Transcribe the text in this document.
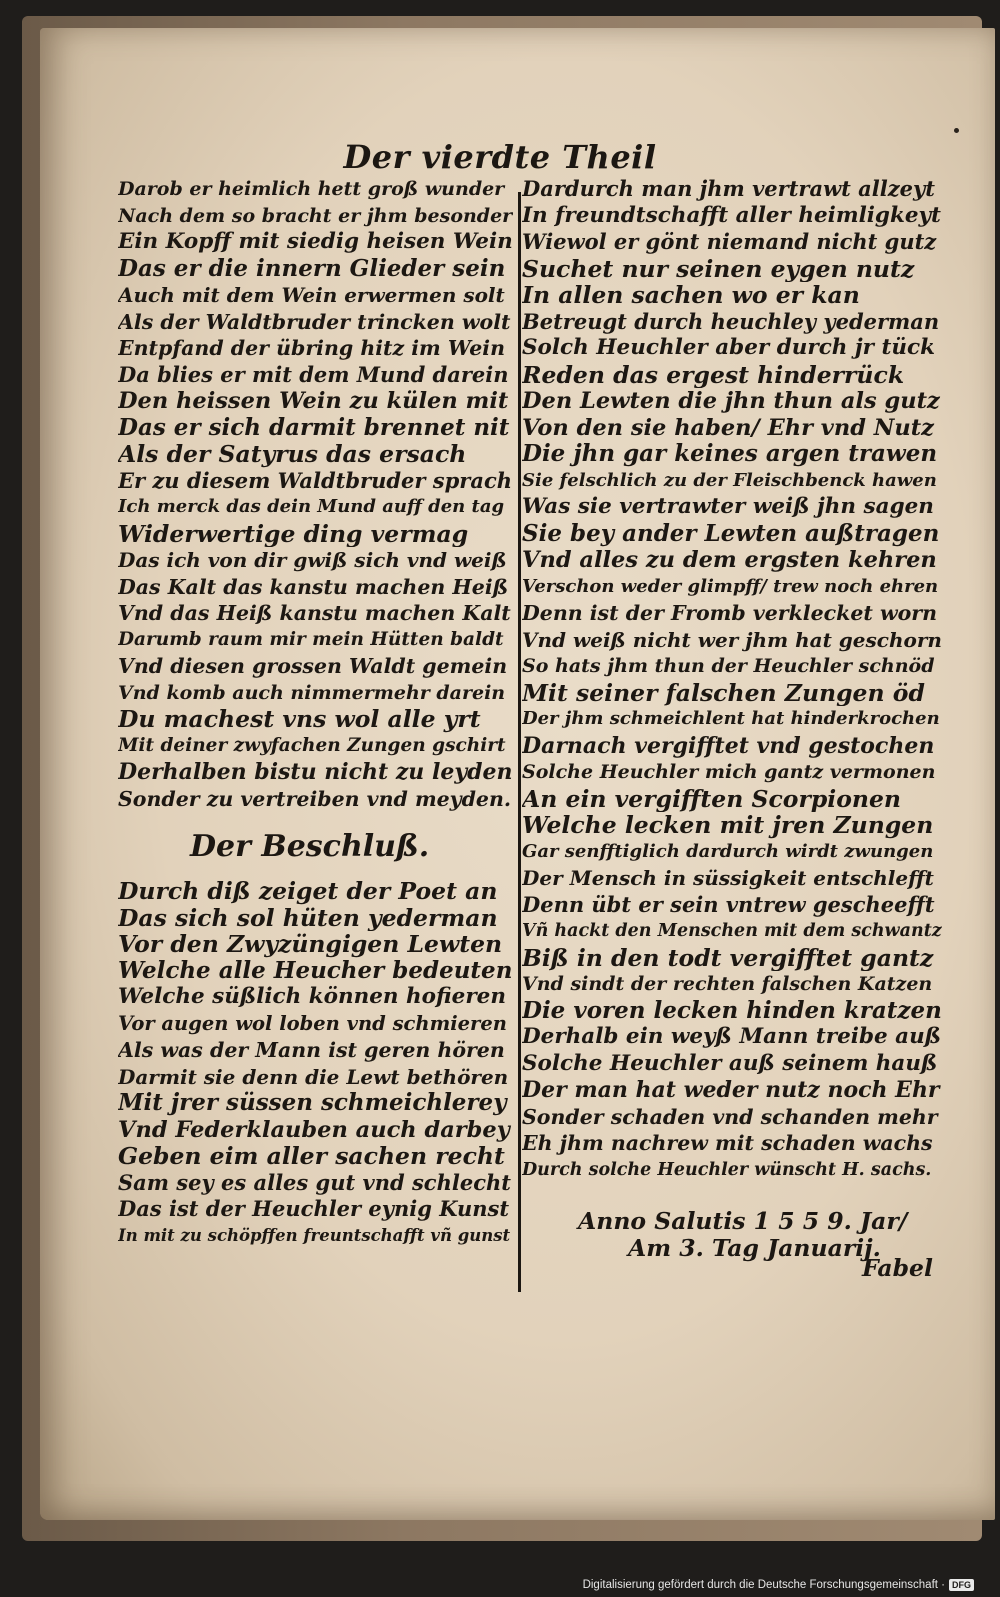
Der vierdte Theil
Darob er heimlich hett groß wunder
Nach dem so bracht er jhm besonder
Ein Kopff mit siedig heisen Wein
Das er die innern Glieder sein
Auch mit dem Wein erwermen solt
Als der Waldtbruder trincken wolt
Entpfand der übring hitz im Wein
Da blies er mit dem Mund darein
Den heissen Wein zu külen mit
Das er sich darmit brennet nit
Als der Satyrus das ersach
Er zu diesem Waldtbruder sprach
Ich merck das dein Mund auff den tag
Widerwertige ding vermag
Das ich von dir gwiß sich vnd weiß
Das Kalt das kanstu machen Heiß
Vnd das Heiß kanstu machen Kalt
Darumb raum mir mein Hütten baldt
Vnd diesen grossen Waldt gemein
Vnd komb auch nimmermehr darein
Du machest vns wol alle yrt
Mit deiner zwyfachen Zungen gschirt
Derhalben bistu nicht zu leyden
Sonder zu vertreiben vnd meyden.
Der Beschluß.
Durch diß zeiget der Poet an
Das sich sol hüten yederman
Vor den Zwyzüngigen Lewten
Welche alle Heucher bedeuten
Welche süßlich können hofieren
Vor augen wol loben vnd schmieren
Als was der Mann ist geren hören
Darmit sie denn die Lewt bethören
Mit jrer süssen schmeichlerey
Vnd Federklauben auch darbey
Geben eim aller sachen recht
Sam sey es alles gut vnd schlecht
Das ist der Heuchler eynig Kunst
In mit zu schöpffen freuntschafft vñ gunst
Dardurch man jhm vertrawt allzeyt
In freundtschafft aller heimligkeyt
Wiewol er gönt niemand nicht gutz
Suchet nur seinen eygen nutz
In allen sachen wo er kan
Betreugt durch heuchley yederman
Solch Heuchler aber durch jr tück
Reden das ergest hinderrück
Den Lewten die jhn thun als gutz
Von den sie haben/ Ehr vnd Nutz
Die jhn gar keines argen trawen
Sie felschlich zu der Fleischbenck hawen
Was sie vertrawter weiß jhn sagen
Sie bey ander Lewten außtragen
Vnd alles zu dem ergsten kehren
Verschon weder glimpff/ trew noch ehren
Denn ist der Fromb verklecket worn
Vnd weiß nicht wer jhm hat geschorn
So hats jhm thun der Heuchler schnöd
Mit seiner falschen Zungen öd
Der jhm schmeichlent hat hinderkrochen
Darnach vergifftet vnd gestochen
Solche Heuchler mich gantz vermonen
An ein vergifften Scorpionen
Welche lecken mit jren Zungen
Gar senfftiglich dardurch wirdt zwungen
Der Mensch in süssigkeit entschlefft
Denn übt er sein vntrew gescheefft
Vñ hackt den Menschen mit dem schwantz
Biß in den todt vergifftet gantz
Vnd sindt der rechten falschen Katzen
Die voren lecken hinden kratzen
Derhalb ein weyß Mann treibe auß
Solche Heuchler auß seinem hauß
Der man hat weder nutz noch Ehr
Sonder schaden vnd schanden mehr
Eh jhm nachrew mit schaden wachs
Durch solche Heuchler wünscht H. sachs.
Anno Salutis 1 5 5 9. Jar/
Am 3. Tag Januarij.
Fabel
Digitalisierung gefördert durch die Deutsche Forschungsgemeinschaft · DFG
